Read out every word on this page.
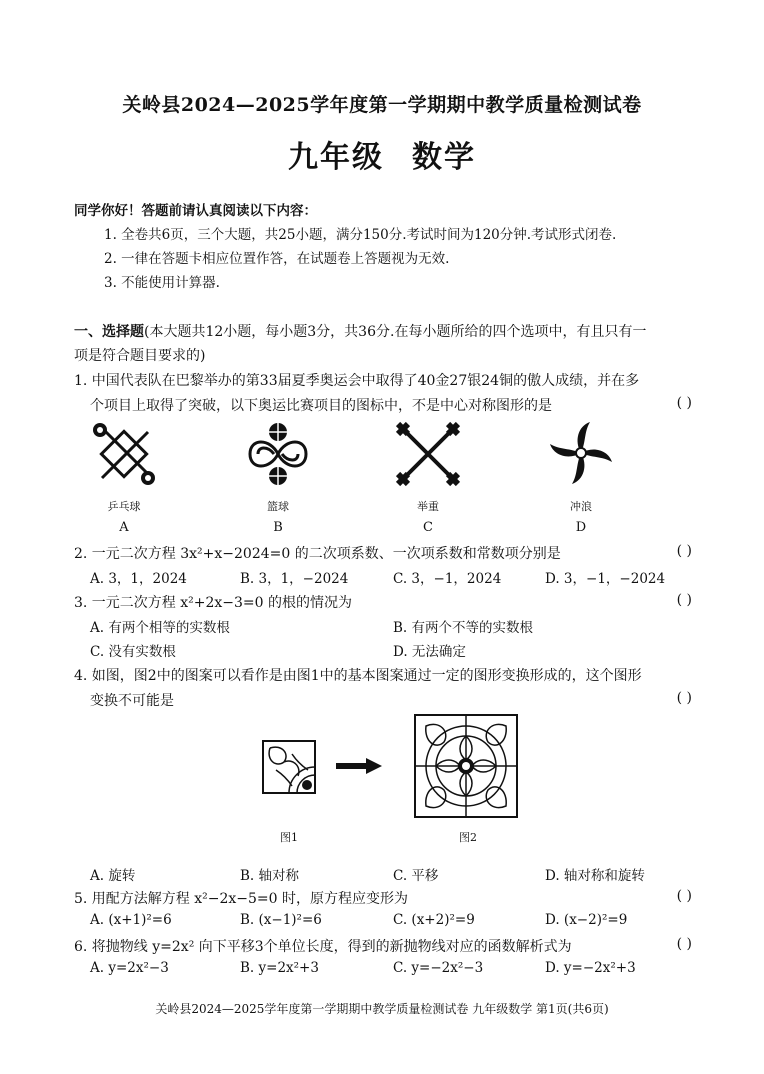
关岭县2024—2025学年度第一学期期中教学质量检测试卷
九年级 数学
同学你好！答题前请认真阅读以下内容：
1. 全卷共6页，三个大题，共25小题，满分150分.考试时间为120分钟.考试形式闭卷.
2. 一律在答题卡相应位置作答，在试题卷上答题视为无效.
3. 不能使用计算器.
一、选择题(本大题共12小题，每小题3分，共36分.在每小题所给的四个选项中，有且只有一
项是符合题目要求的)
1. 中国代表队在巴黎举办的第33届夏季奥运会中取得了40金27银24铜的傲人成绩，并在多
个项目上取得了突破，以下奥运比赛项目的图标中，不是中心对称图形的是	( )
乒乓球	篮球	举重	冲浪
A	B	C	D
2. 一元二次方程 3x²+x−2024=0 的二次项系数、一次项系数和常数项分别是	( )
A. 3，1，2024	B. 3，1，−2024	C. 3，−1，2024	D. 3，−1，−2024
3. 一元二次方程 x²+2x−3=0 的根的情况为	( )
A. 有两个相等的实数根	B. 有两个不等的实数根
C. 没有实数根	D. 无法确定
4. 如图，图2中的图案可以看作是由图1中的基本图案通过一定的图形变换形成的，这个图形
变换不可能是	( )
图1	图2
A. 旋转	B. 轴对称	C. 平移	D. 轴对称和旋转
5. 用配方法解方程 x²−2x−5=0 时，原方程应变形为	( )
A. (x+1)²=6	B. (x−1)²=6	C. (x+2)²=9	D. (x−2)²=9
6. 将抛物线 y=2x² 向下平移3个单位长度，得到的新抛物线对应的函数解析式为	( )
A. y=2x²−3	B. y=2x²+3	C. y=−2x²−3	D. y=−2x²+3
关岭县2024—2025学年度第一学期期中教学质量检测试卷 九年级数学 第1页(共6页)
